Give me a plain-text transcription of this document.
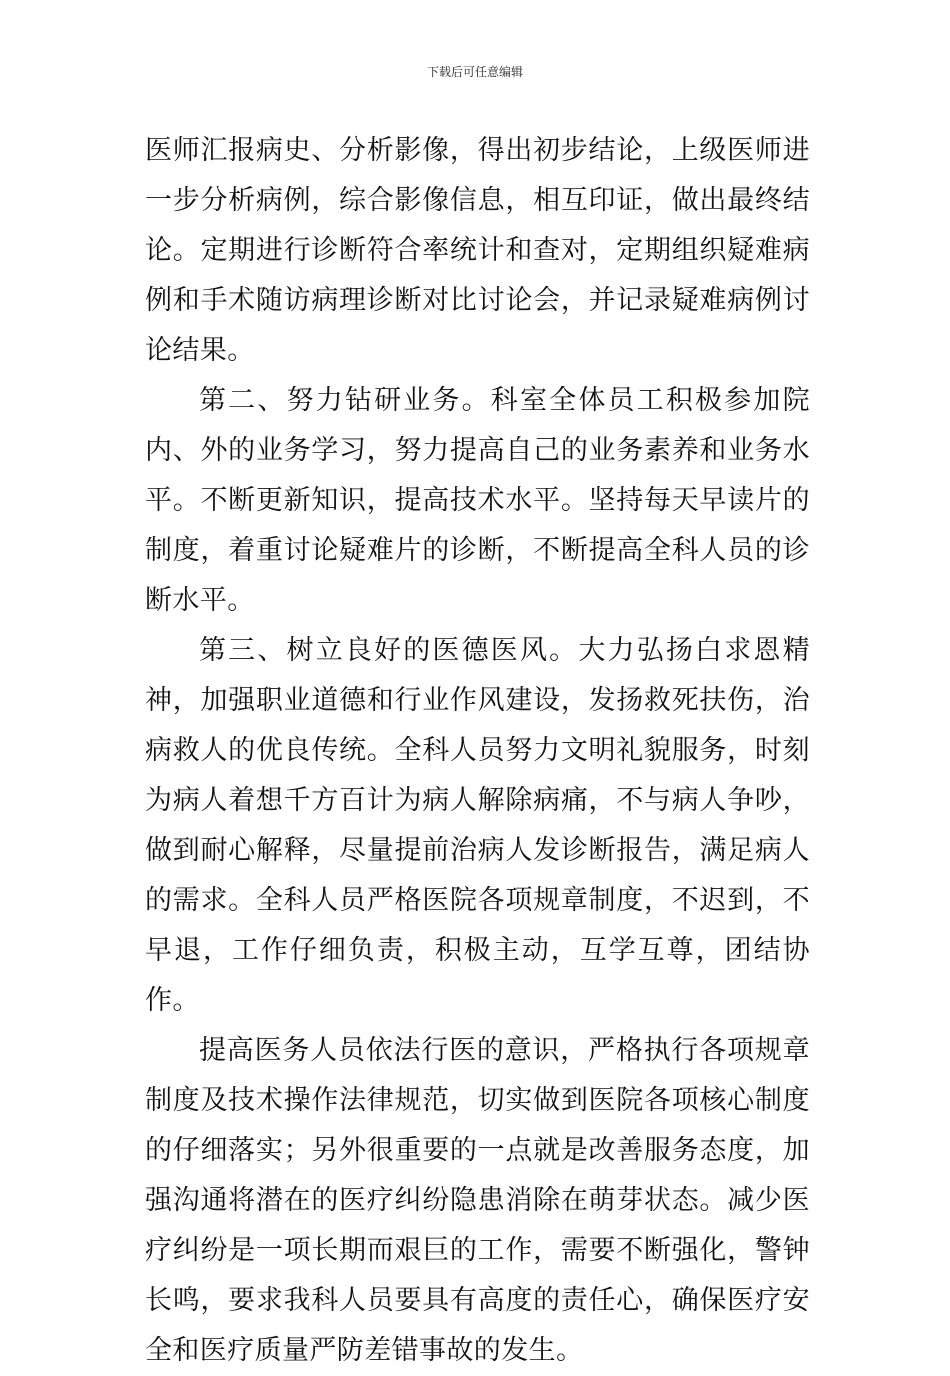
下载后可任意编辑

医师汇报病史、分析影像，得出初步结论，上级医师进一步分析病例，综合影像信息，相互印证，做出最终结论。定期进行诊断符合率统计和查对，定期组织疑难病例和手术随访病理诊断对比讨论会，并记录疑难病例讨论结果。

第二、努力钻研业务。科室全体员工积极参加院内、外的业务学习，努力提高自己的业务素养和业务水平。不断更新知识，提高技术水平。坚持每天早读片的制度，着重讨论疑难片的诊断，不断提高全科人员的诊断水平。

第三、树立良好的医德医风。大力弘扬白求恩精神，加强职业道德和行业作风建设，发扬救死扶伤，治病救人的优良传统。全科人员努力文明礼貌服务，时刻为病人着想千方百计为病人解除病痛，不与病人争吵，做到耐心解释，尽量提前治病人发诊断报告，满足病人的需求。全科人员严格医院各项规章制度，不迟到，不早退，工作仔细负责，积极主动，互学互尊，团结协作。

提高医务人员依法行医的意识，严格执行各项规章制度及技术操作法律规范，切实做到医院各项核心制度的仔细落实；另外很重要的一点就是改善服务态度，加强沟通将潜在的医疗纠纷隐患消除在萌芽状态。减少医疗纠纷是一项长期而艰巨的工作，需要不断强化，警钟长鸣，要求我科人员要具有高度的责任心，确保医疗安全和医疗质量严防差错事故的发生。
